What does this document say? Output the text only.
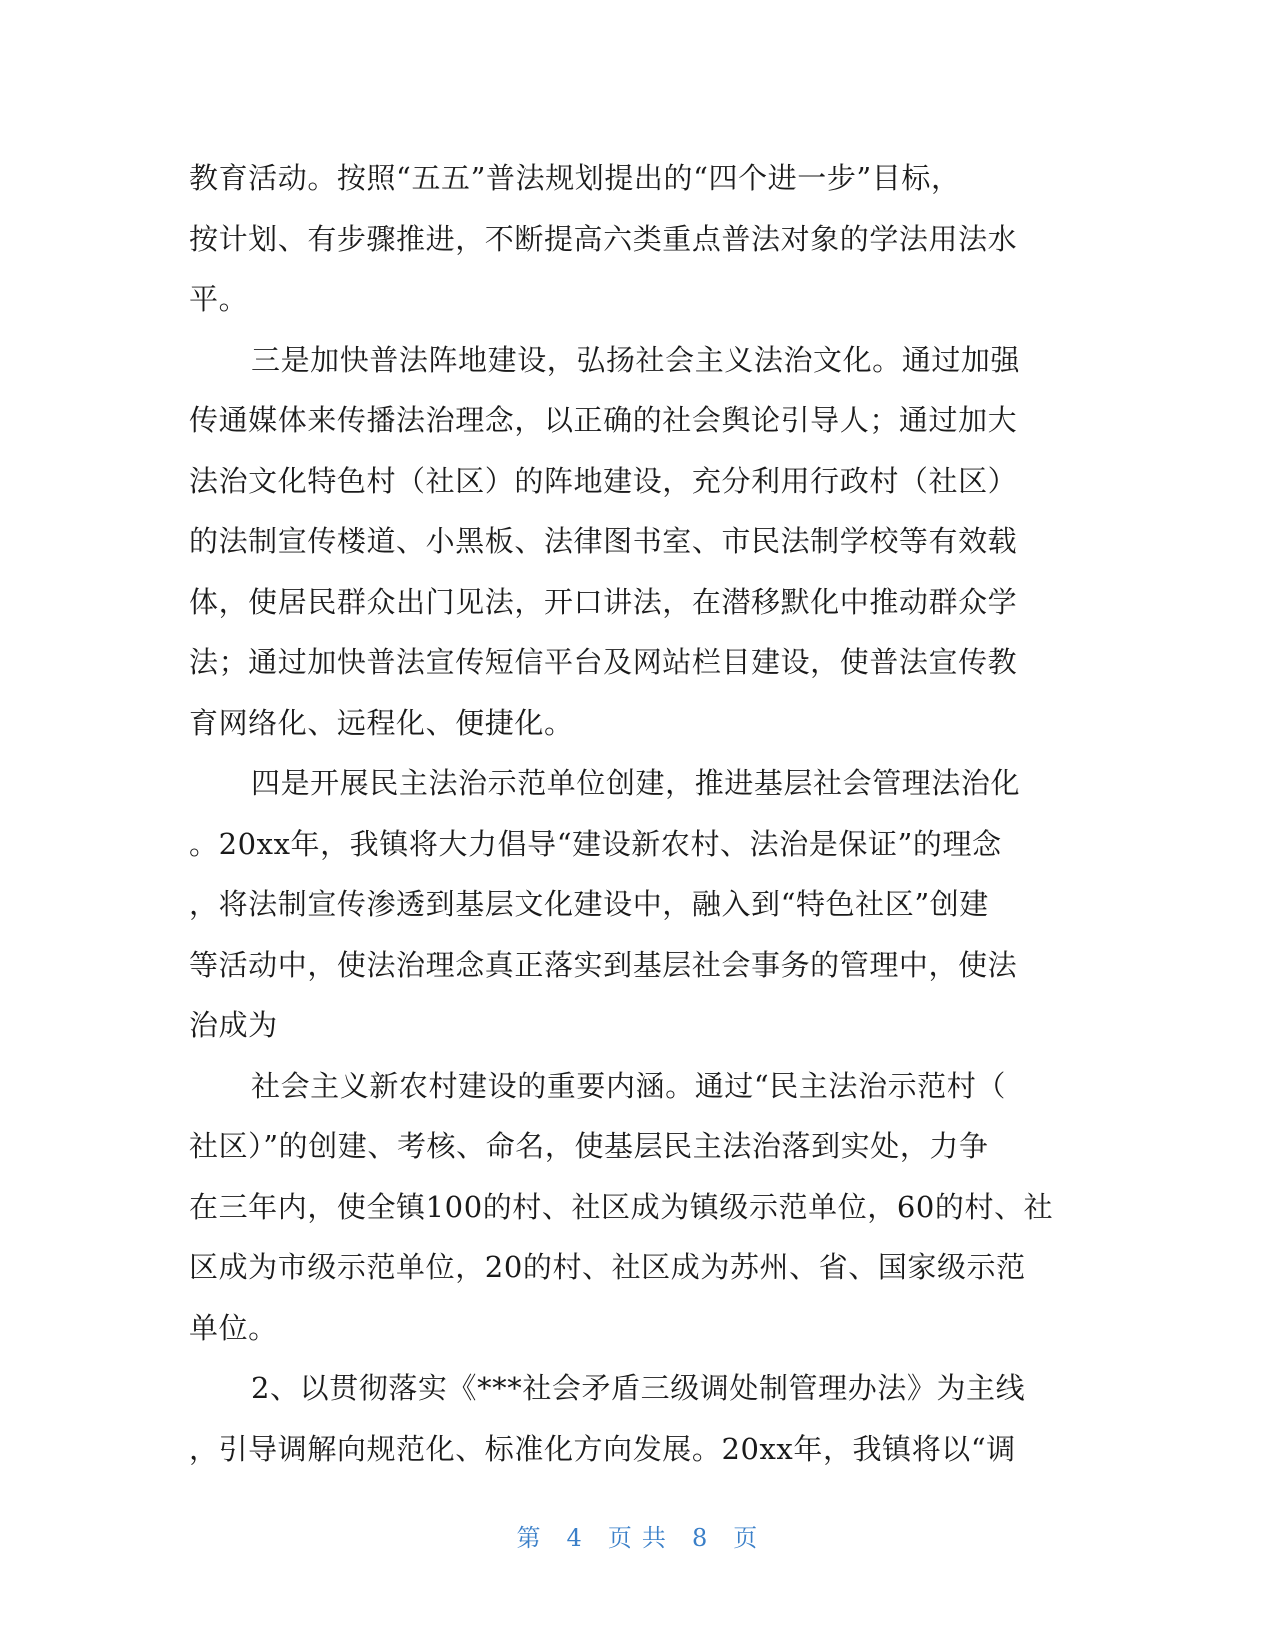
教育活动。按照“五五”普法规划提出的“四个进一步”目标，
按计划、有步骤推进，不断提高六类重点普法对象的学法用法水
平。
三是加快普法阵地建设，弘扬社会主义法治文化。通过加强
传通媒体来传播法治理念，以正确的社会舆论引导人；通过加大
法治文化特色村（社区）的阵地建设，充分利用行政村（社区）
的法制宣传楼道、小黑板、法律图书室、市民法制学校等有效载
体，使居民群众出门见法，开口讲法，在潜移默化中推动群众学
法；通过加快普法宣传短信平台及网站栏目建设，使普法宣传教
育网络化、远程化、便捷化。
四是开展民主法治示范单位创建，推进基层社会管理法治化
。20xx年，我镇将大力倡导“建设新农村、法治是保证”的理念
，将法制宣传渗透到基层文化建设中，融入到“特色社区”创建
等活动中，使法治理念真正落实到基层社会事务的管理中，使法
治成为
社会主义新农村建设的重要内涵。通过“民主法治示范村（
社区）”的创建、考核、命名，使基层民主法治落到实处，力争
在三年内，使全镇100的村、社区成为镇级示范单位，60的村、社
区成为市级示范单位，20的村、社区成为苏州、省、国家级示范
单位。
2、以贯彻落实《***社会矛盾三级调处制管理办法》为主线
，引导调解向规范化、标准化方向发展。20xx年，我镇将以“调
第 4 页 共 8 页
